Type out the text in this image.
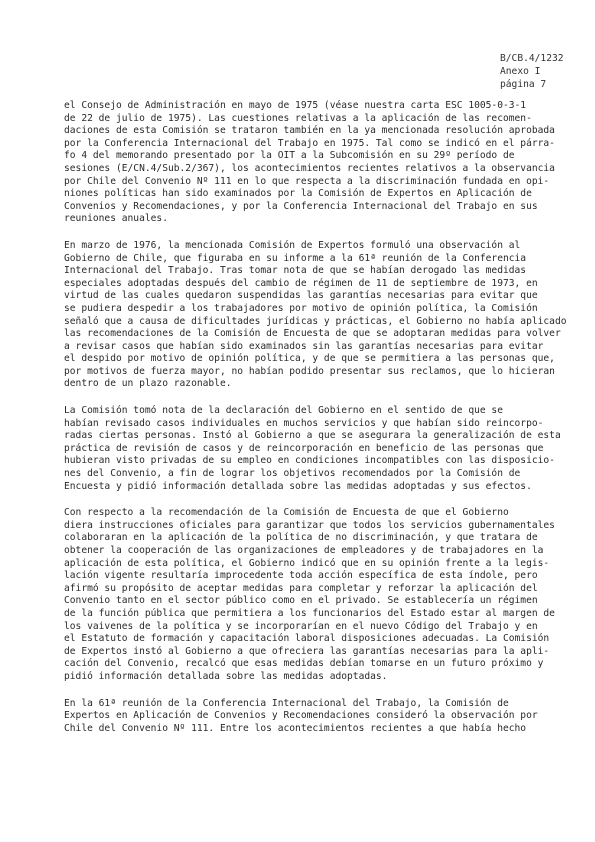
B/CB.4/1232
Anexo I
página 7
el Consejo de Administración en mayo de 1975 (véase nuestra carta ESC 1005-0-3-1
de 22 de julio de 1975). Las cuestiones relativas a la aplicación de las recomen-
daciones de esta Comisión se trataron también en la ya mencionada resolución aprobada
por la Conferencia Internacional del Trabajo en 1975. Tal como se indicó en el párra-
fo 4 del memorando presentado por la OIT a la Subcomisión en su 29º período de
sesiones (E/CN.4/Sub.2/367), los acontecimientos recientes relativos a la observancia
por Chile del Convenio Nº 111 en lo que respecta a la discriminación fundada en opi-
niones políticas han sido examinados por la Comisión de Expertos en Aplicación de
Convenios y Recomendaciones, y por la Conferencia Internacional del Trabajo en sus
reuniones anuales.
En marzo de 1976, la mencionada Comisión de Expertos formuló una observación al
Gobierno de Chile, que figuraba en su informe a la 61ª reunión de la Conferencia
Internacional del Trabajo. Tras tomar nota de que se habían derogado las medidas
especiales adoptadas después del cambio de régimen de 11 de septiembre de 1973, en
virtud de las cuales quedaron suspendidas las garantías necesarias para evitar que
se pudiera despedir a los trabajadores por motivo de opinión política, la Comisión
señaló que a causa de dificultades jurídicas y prácticas, el Gobierno no había aplicado
las recomendaciones de la Comisión de Encuesta de que se adoptaran medidas para volver
a revisar casos que habían sido examinados sin las garantías necesarias para evitar
el despido por motivo de opinión política, y de que se permitiera a las personas que,
por motivos de fuerza mayor, no habían podido presentar sus reclamos, que lo hicieran
dentro de un plazo razonable.
La Comisión tomó nota de la declaración del Gobierno en el sentido de que se
habían revisado casos individuales en muchos servicios y que habían sido reincorpo-
radas ciertas personas. Instó al Gobierno a que se asegurara la generalización de esta
práctica de revisión de casos y de reincorporación en beneficio de las personas que
hubieran visto privadas de su empleo en condiciones incompatibles con las disposicio-
nes del Convenio, a fin de lograr los objetivos recomendados por la Comisión de
Encuesta y pidió información detallada sobre las medidas adoptadas y sus efectos.
Con respecto a la recomendación de la Comisión de Encuesta de que el Gobierno
diera instrucciones oficiales para garantizar que todos los servicios gubernamentales
colaboraran en la aplicación de la política de no discriminación, y que tratara de
obtener la cooperación de las organizaciones de empleadores y de trabajadores en la
aplicación de esta política, el Gobierno indicó que en su opinión frente a la legis-
lación vigente resultaría improcedente toda acción específica de esta índole, pero
afirmó su propósito de aceptar medidas para completar y reforzar la aplicación del
Convenio tanto en el sector público como en el privado. Se establecería un régimen
de la función pública que permitiera a los funcionarios del Estado estar al margen de
los vaivenes de la política y se incorporarían en el nuevo Código del Trabajo y en
el Estatuto de formación y capacitación laboral disposiciones adecuadas. La Comisión
de Expertos instó al Gobierno a que ofreciera las garantías necesarias para la apli-
cación del Convenio, recalcó que esas medidas debían tomarse en un futuro próximo y
pidió información detallada sobre las medidas adoptadas.
En la 61ª reunión de la Conferencia Internacional del Trabajo, la Comisión de
Expertos en Aplicación de Convenios y Recomendaciones consideró la observación por
Chile del Convenio Nº 111. Entre los acontecimientos recientes a que había hecho
